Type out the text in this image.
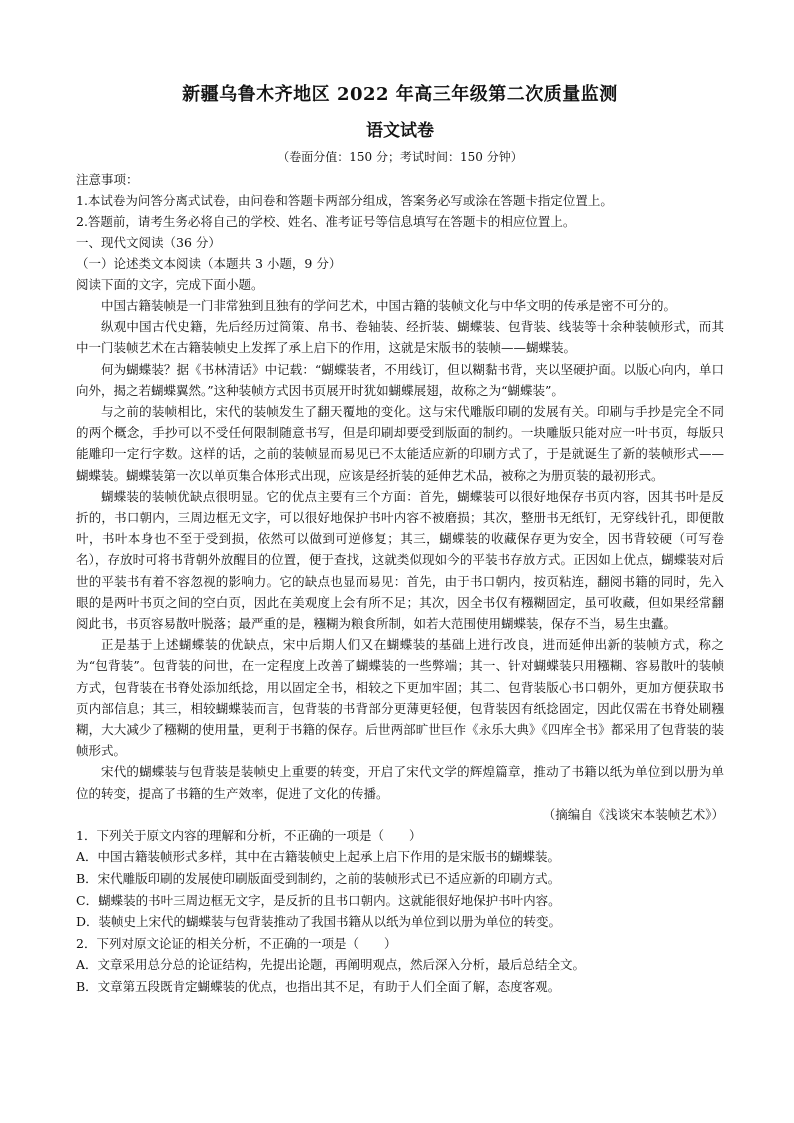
新疆乌鲁木齐地区 2022 年高三年级第二次质量监测
语文试卷

（卷面分值：150 分；考试时间：150 分钟）

注意事项：

1.本试卷为问答分离式试卷，由问卷和答题卡两部分组成，答案务必写或涂在答题卡指定位置上。

2.答题前，请考生务必将自己的学校、姓名、准考证号等信息填写在答题卡的相应位置上。

一、现代文阅读（36 分）

（一）论述类文本阅读（本题共 3 小题，9 分）

阅读下面的文字，完成下面小题。

中国古籍装帧是一门非常独到且独有的学问艺术，中国古籍的装帧文化与中华文明的传承是密不可分的。

纵观中国古代史籍，先后经历过简策、帛书、卷轴装、经折装、蝴蝶装、包背装、线装等十余种装帧形式，而其中一门装帧艺术在古籍装帧史上发挥了承上启下的作用，这就是宋版书的装帧——蝴蝶装。

何为蝴蝶装？据《书林清话》中记载：“蝴蝶装者，不用线订，但以糊黏书背，夹以坚硬护面。以版心向内，单口向外，揭之若蝴蝶翼然。”这种装帧方式因书页展开时犹如蝴蝶展翅，故称之为“蝴蝶装”。

与之前的装帧相比，宋代的装帧发生了翻天覆地的变化。这与宋代雕版印刷的发展有关。印刷与手抄是完全不同的两个概念，手抄可以不受任何限制随意书写，但是印刷却要受到版面的制约。一块雕版只能对应一叶书页，每版只能雕印一定行字数。这样的话，之前的装帧显而易见已不太能适应新的印刷方式了，于是就诞生了新的装帧形式——蝴蝶装。蝴蝶装第一次以单页集合体形式出现，应该是经折装的延伸艺术品，被称之为册页装的最初形式。

蝴蝶装的装帧优缺点很明显。它的优点主要有三个方面：首先，蝴蝶装可以很好地保存书页内容，因其书叶是反折的，书口朝内，三周边框无文字，可以很好地保护书叶内容不被磨损；其次，整册书无纸钉，无穿线针孔，即便散叶，书叶本身也不至于受到损，依然可以做到可逆修复；其三，蝴蝶装的收藏保存更为安全，因书背较硬（可写卷名），存放时可将书背朝外放醒目的位置，便于查找，这就类似现如今的平装书存放方式。正因如上优点，蝴蝶装对后世的平装书有着不容忽视的影响力。它的缺点也显而易见：首先，由于书口朝内，按页粘连，翻阅书籍的同时，先入眼的是两叶书页之间的空白页，因此在美观度上会有所不足；其次，因全书仅有糨糊固定，虽可收藏，但如果经常翻阅此书，书页容易散叶脱落；最严重的是，糨糊为粮食所制，如若大范围使用蝴蝶装，保存不当，易生虫蠹。

正是基于上述蝴蝶装的优缺点，宋中后期人们又在蝴蝶装的基础上进行改良，进而延伸出新的装帧方式，称之为“包背装”。包背装的问世，在一定程度上改善了蝴蝶装的一些弊端；其一、针对蝴蝶装只用糨糊、容易散叶的装帧方式，包背装在书脊处添加纸捻，用以固定全书，相较之下更加牢固；其二、包背装版心书口朝外，更加方便获取书页内部信息；其三，相较蝴蝶装而言，包背装的书背部分更薄更轻便，包背装因有纸捻固定，因此仅需在书脊处刷糨糊，大大减少了糨糊的使用量，更利于书籍的保存。后世两部旷世巨作《永乐大典》《四库全书》都采用了包背装的装帧形式。

宋代的蝴蝶装与包背装是装帧史上重要的转变，开启了宋代文学的辉煌篇章，推动了书籍以纸为单位到以册为单位的转变，提高了书籍的生产效率，促进了文化的传播。

（摘编自《浅谈宋本装帧艺术》）

1．下列关于原文内容的理解和分析，不正确的一项是（　　）

A．中国古籍装帧形式多样，其中在古籍装帧史上起承上启下作用的是宋版书的蝴蝶装。

B．宋代雕版印刷的发展使印刷版面受到制约，之前的装帧形式已不适应新的印刷方式。

C．蝴蝶装的书叶三周边框无文字，是反折的且书口朝内。这就能很好地保护书叶内容。

D．装帧史上宋代的蝴蝶装与包背装推动了我国书籍从以纸为单位到以册为单位的转变。

2．下列对原文论证的相关分析，不正确的一项是（　　）

A．文章采用总分总的论证结构，先提出论题，再阐明观点，然后深入分析，最后总结全文。

B．文章第五段既肯定蝴蝶装的优点，也指出其不足，有助于人们全面了解，态度客观。
